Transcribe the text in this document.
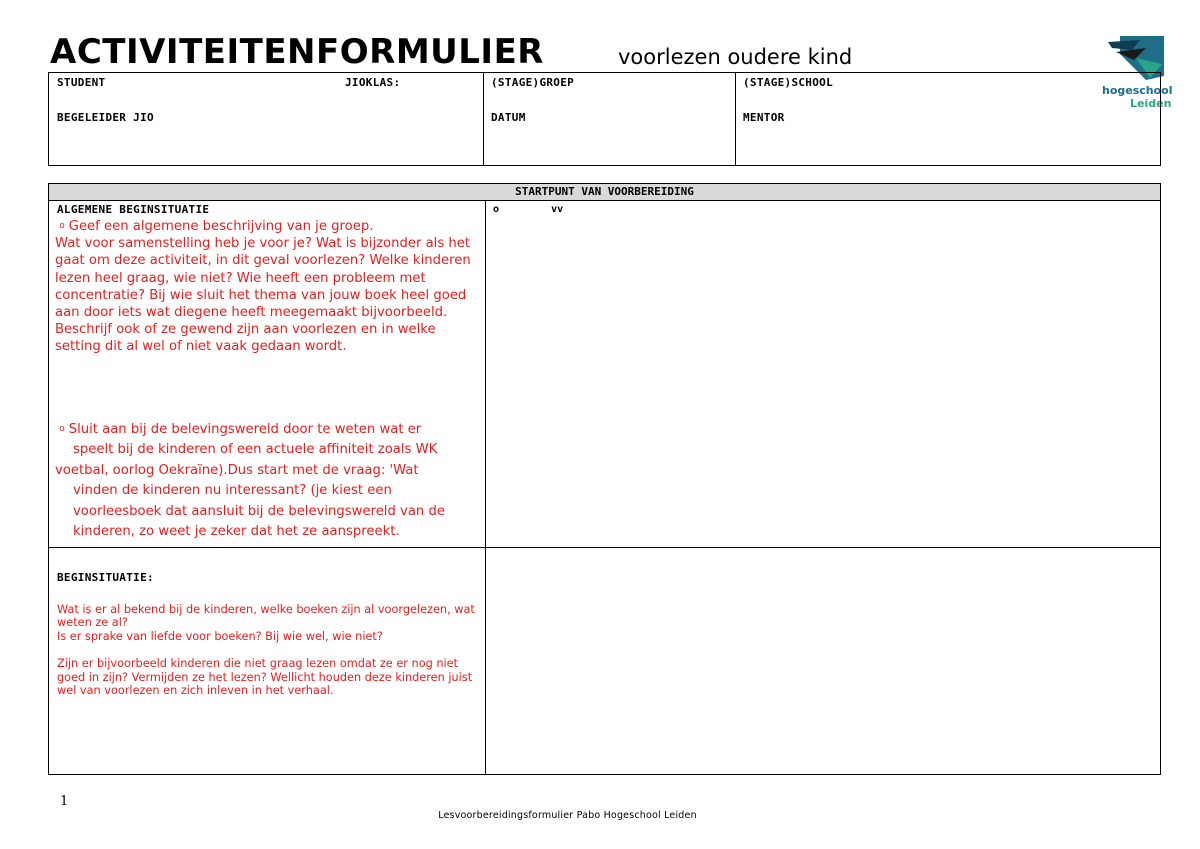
ACTIVITEITENFORMULIER	voorlezen oudere kind
hogeschool
Leiden
STUDENT	JIOKLAS:	(STAGE)GROEP	(STAGE)SCHOOL
BEGELEIDER JIO	DATUM	MENTOR
STARTPUNT VAN VOORBEREIDING
ALGEMENE BEGINSITUATIE

o Geef een algemene beschrijving van je groep.

Wat voor samenstelling heb je voor je? Wat is bijzonder als het gaat om deze activiteit, in dit geval voorlezen? Welke kinderen lezen heel graag, wie niet? Wie heeft een probleem met concentratie? Bij wie sluit het thema van jouw boek heel goed aan door iets wat diegene heeft meegemaakt bijvoorbeeld.

Beschrijf ook of ze gewend zijn aan voorlezen en in welke setting dit al wel of niet vaak gedaan wordt.

o Sluit aan bij de belevingswereld door te weten wat er

speelt bij de kinderen of een actuele affiniteit zoals WK

voetbal, oorlog Oekraïne).Dus start met de vraag: 'Wat

vinden de kinderen nu interessant? (je kiest een

voorleesboek dat aansluit bij de belevingswereld van de

kinderen, zo weet je zeker dat het ze aanspreekt.

o	vv
BEGINSITUATIE:

Wat is er al bekend bij de kinderen, welke boeken zijn al voorgelezen, wat weten ze al?

Is er sprake van liefde voor boeken? Bij wie wel, wie niet?

Zijn er bijvoorbeeld kinderen die niet graag lezen omdat ze er nog niet goed in zijn? Vermijden ze het lezen? Wellicht houden deze kinderen juist wel van voorlezen en zich inleven in het verhaal.

1
Lesvoorbereidingsformulier Pabo Hogeschool Leiden
